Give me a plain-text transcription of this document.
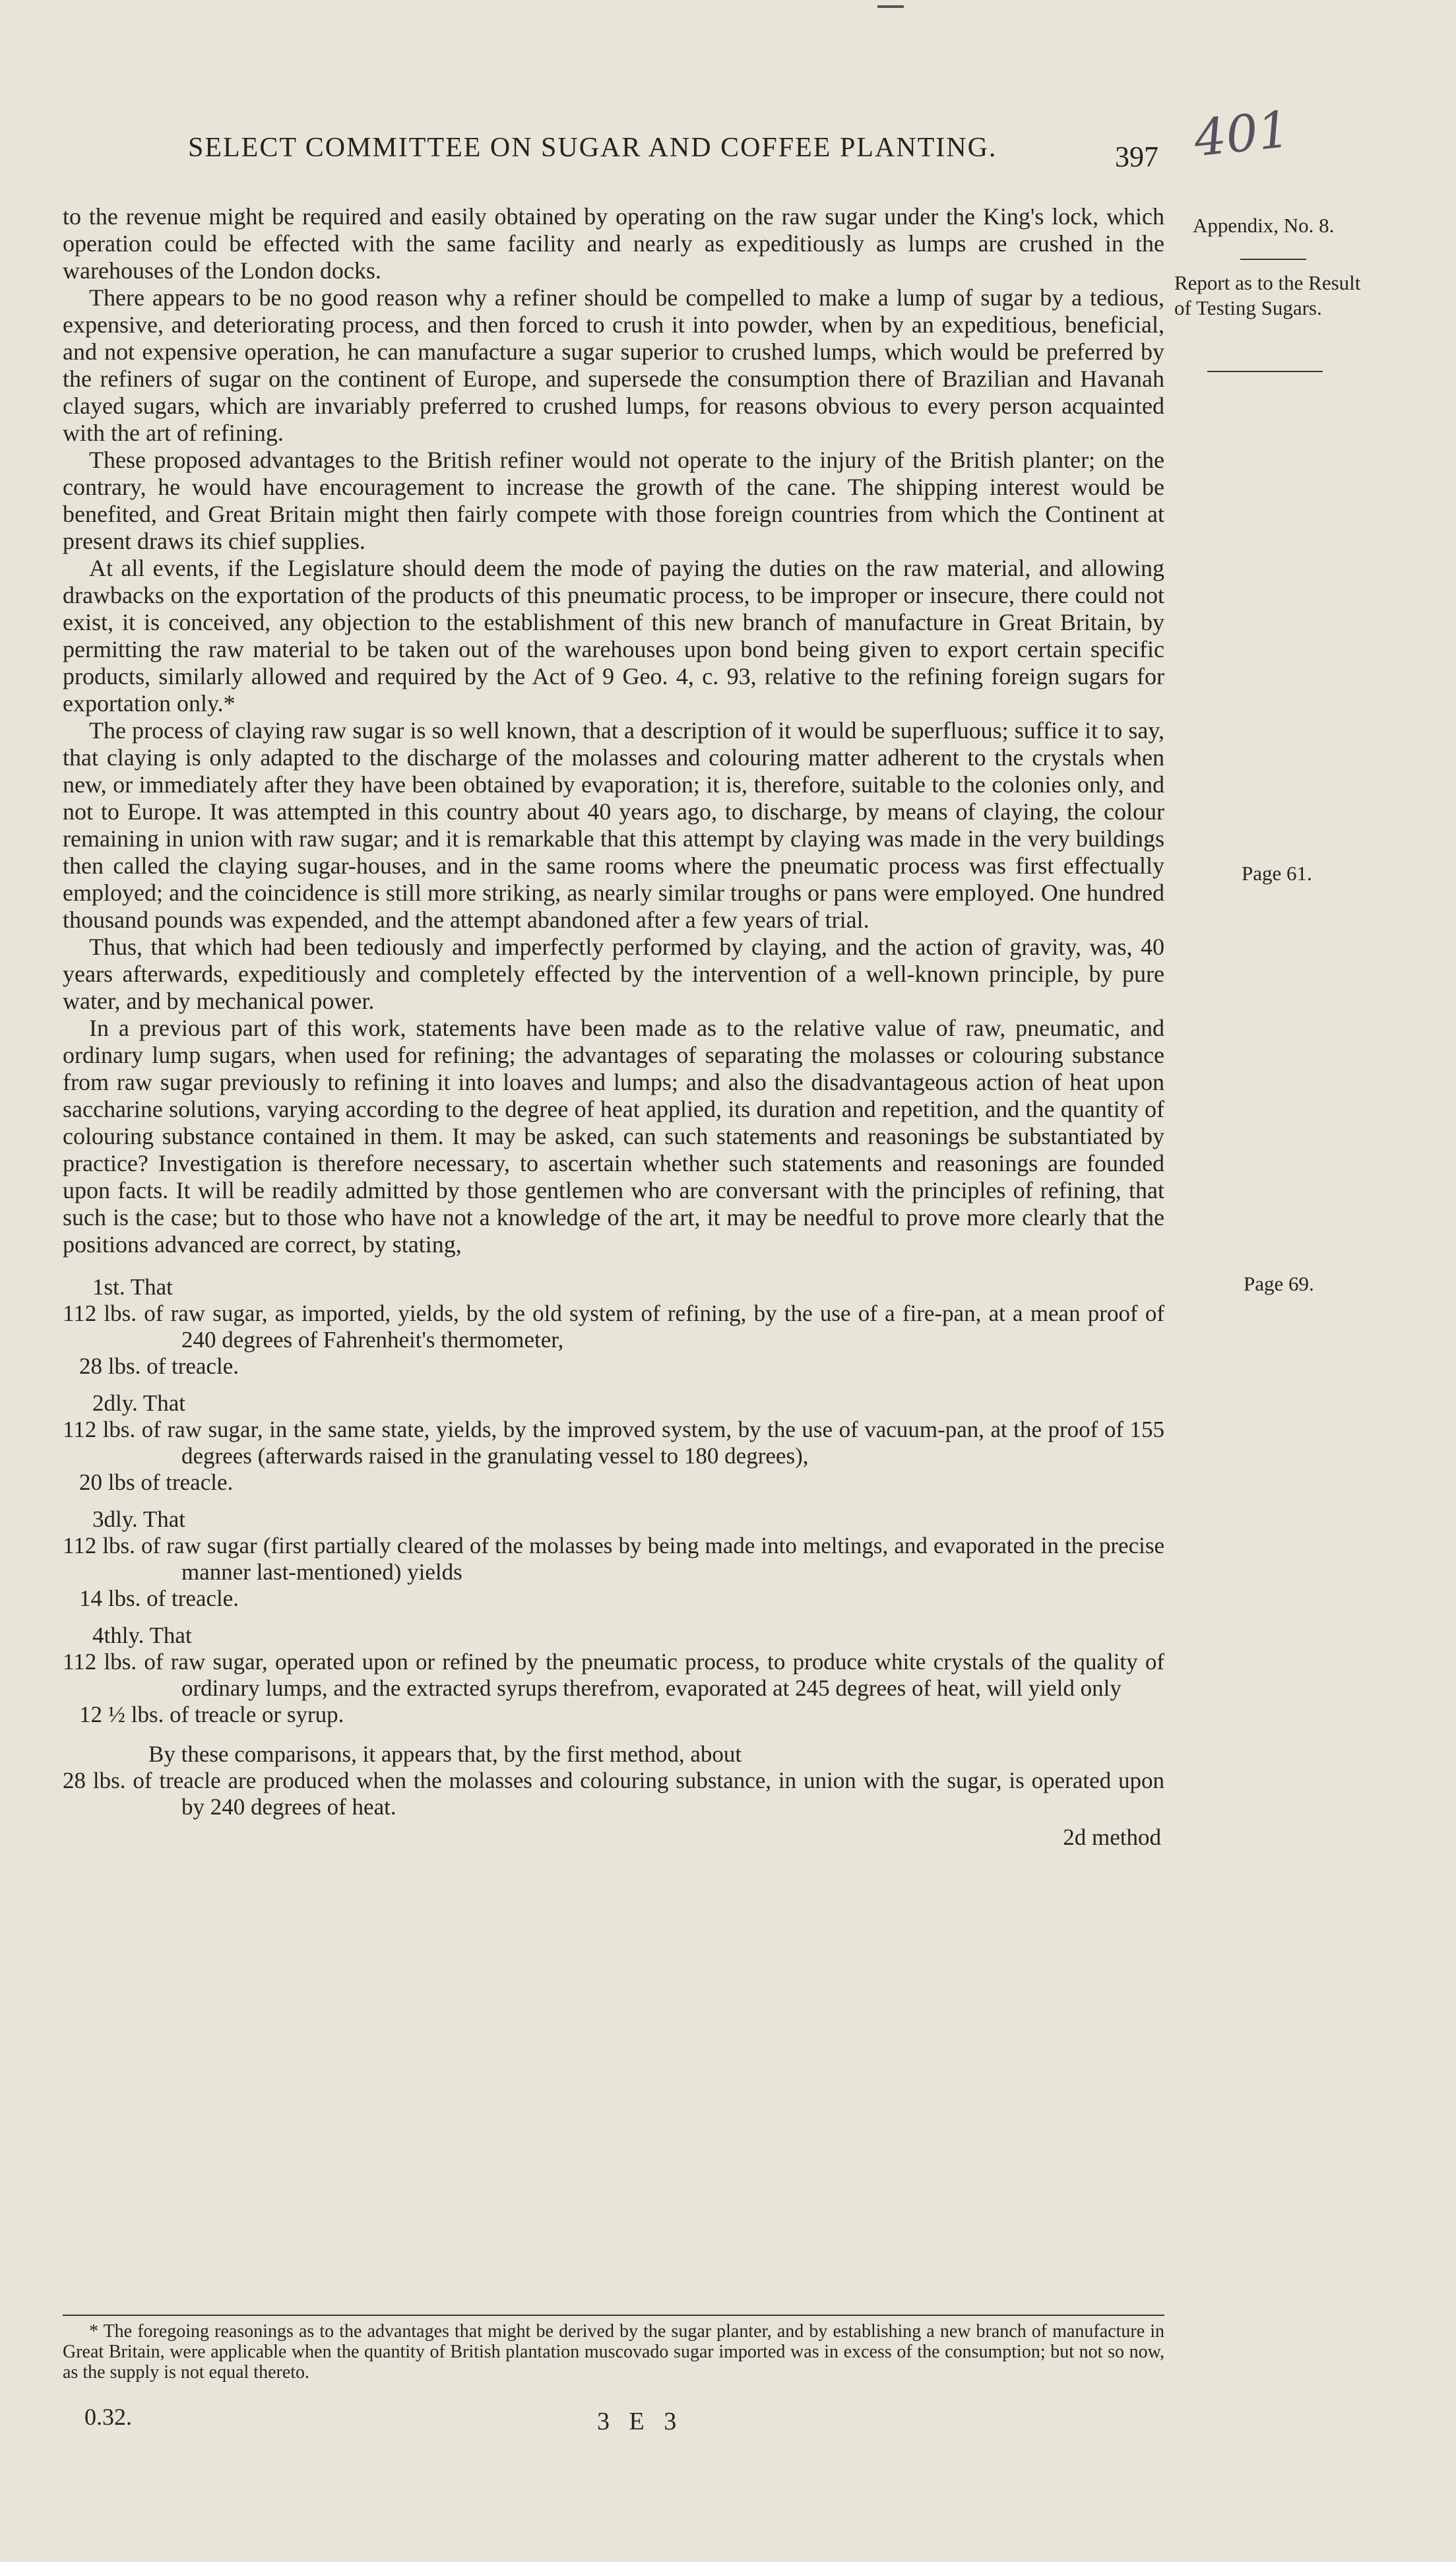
SELECT COMMITTEE ON SUGAR AND COFFEE PLANTING.	397 401
Appendix, No. 8.
Report as to the Result of Testing Sugars.
Page 61.
Page 69.

to the revenue might be required and easily obtained by operating on the raw sugar under the King's lock, which operation could be effected with the same facility and nearly as expeditiously as lumps are crushed in the warehouses of the London docks.

There appears to be no good reason why a refiner should be compelled to make a lump of sugar by a tedious, expensive, and deteriorating process, and then forced to crush it into powder, when by an expeditious, beneficial, and not expensive operation, he can manufacture a sugar superior to crushed lumps, which would be preferred by the refiners of sugar on the continent of Europe, and supersede the consumption there of Brazilian and Havanah clayed sugars, which are invariably preferred to crushed lumps, for reasons obvious to every person acquainted with the art of refining.

These proposed advantages to the British refiner would not operate to the injury of the British planter; on the contrary, he would have encouragement to increase the growth of the cane. The shipping interest would be benefited, and Great Britain might then fairly compete with those foreign countries from which the Continent at present draws its chief supplies.

At all events, if the Legislature should deem the mode of paying the duties on the raw material, and allowing drawbacks on the exportation of the products of this pneumatic process, to be improper or insecure, there could not exist, it is conceived, any objection to the establishment of this new branch of manufacture in Great Britain, by permitting the raw material to be taken out of the warehouses upon bond being given to export certain specific products, similarly allowed and required by the Act of 9 Geo. 4, c. 93, relative to the refining foreign sugars for exportation only.*

The process of claying raw sugar is so well known, that a description of it would be superfluous; suffice it to say, that claying is only adapted to the discharge of the molasses and colouring matter adherent to the crystals when new, or immediately after they have been obtained by evaporation; it is, therefore, suitable to the colonies only, and not to Europe. It was attempted in this country about 40 years ago, to discharge, by means of claying, the colour remaining in union with raw sugar; and it is remarkable that this attempt by claying was made in the very buildings then called the claying sugar-houses, and in the same rooms where the pneumatic process was first effectually employed; and the coincidence is still more striking, as nearly similar troughs or pans were employed. One hundred thousand pounds was expended, and the attempt abandoned after a few years of trial.

Thus, that which had been tediously and imperfectly performed by claying, and the action of gravity, was, 40 years afterwards, expeditiously and completely effected by the intervention of a well-known principle, by pure water, and by mechanical power.

In a previous part of this work, statements have been made as to the relative value of raw, pneumatic, and ordinary lump sugars, when used for refining; the advantages of separating the molasses or colouring substance from raw sugar previously to refining it into loaves and lumps; and also the disadvantageous action of heat upon saccharine solutions, varying according to the degree of heat applied, its duration and repetition, and the quantity of colouring substance contained in them. It may be asked, can such statements and reasonings be substantiated by practice? Investigation is therefore necessary, to ascertain whether such statements and reasonings are founded upon facts. It will be readily admitted by those gentlemen who are conversant with the principles of refining, that such is the case; but to those who have not a knowledge of the art, it may be needful to prove more clearly that the positions advanced are correct, by stating,

1st. That
112 lbs. of raw sugar, as imported, yields, by the old system of refining, by the use of a fire-pan, at a mean proof of 240 degrees of Fahrenheit's thermometer,
28 lbs. of treacle.
2dly. That
112 lbs. of raw sugar, in the same state, yields, by the improved system, by the use of vacuum-pan, at the proof of 155 degrees (afterwards raised in the granulating vessel to 180 degrees),
20 lbs of treacle.
3dly. That
112 lbs. of raw sugar (first partially cleared of the molasses by being made into meltings, and evaporated in the precise manner last-mentioned) yields
14 lbs. of treacle.
4thly. That
112 lbs. of raw sugar, operated upon or refined by the pneumatic process, to produce white crystals of the quality of ordinary lumps, and the extracted syrups therefrom, evaporated at 245 degrees of heat, will yield only
12 ½ lbs. of treacle or syrup.
By these comparisons, it appears that, by the first method, about
28 lbs. of treacle are produced when the molasses and colouring substance, in union with the sugar, is operated upon by 240 degrees of heat.
2d method
* The foregoing reasonings as to the advantages that might be derived by the sugar planter, and by establishing a new branch of manufacture in Great Britain, were applicable when the quantity of British plantation muscovado sugar imported was in excess of the consumption; but not so now, as the supply is not equal thereto.
0.32.	3 E 3
